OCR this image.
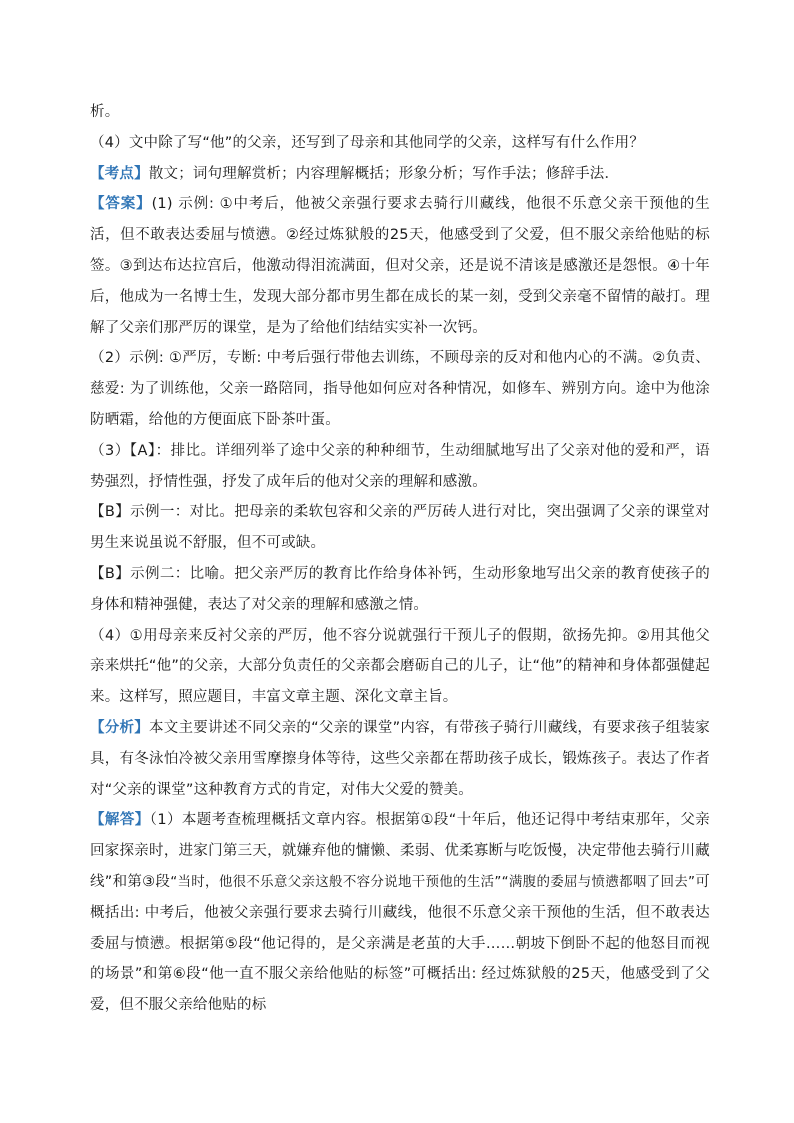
析。

（4）文中除了写“他”的父亲，还写到了母亲和其他同学的父亲，这样写有什么作用？

【考点】散文；词句理解赏析；内容理解概括；形象分析；写作手法；修辞手法．

【答案】(1) 示例: ①中考后，他被父亲强行要求去骑行川藏线，他很不乐意父亲干预他的生活，但不敢表达委屈与愤懑。②经过炼狱般的25天，他感受到了父爱，但不服父亲给他贴的标签。③到达布达拉宫后，他激动得泪流满面，但对父亲，还是说不清该是感激还是怨恨。④十年后，他成为一名博士生，发现大部分都市男生都在成长的某一刻，受到父亲毫不留情的敲打。理解了父亲们那严厉的课堂，是为了给他们结结实实补一次钙。

（2）示例: ①严厉，专断: 中考后强行带他去训练，不顾母亲的反对和他内心的不满。②负责、慈爱: 为了训练他，父亲一路陪同，指导他如何应对各种情况，如修车、辨别方向。途中为他涂防晒霜，给他的方便面底下卧茶叶蛋。

（3）【A】：排比。详细列举了途中父亲的种种细节，生动细腻地写出了父亲对他的爱和严，语势强烈，抒情性强，抒发了成年后的他对父亲的理解和感激。

【B】示例一：对比。把母亲的柔软包容和父亲的严厉砖人进行对比，突出强调了父亲的课堂对男生来说虽说不舒服，但不可或缺。

【B】示例二：比喻。把父亲严厉的教育比作给身体补钙，生动形象地写出父亲的教育使孩子的身体和精神强健，表达了对父亲的理解和感激之情。

（4）①用母亲来反衬父亲的严厉，他不容分说就强行干预儿子的假期，欲扬先抑。②用其他父亲来烘托“他”的父亲，大部分负责任的父亲都会磨砺自己的儿子，让“他”的精神和身体都强健起来。这样写，照应题目，丰富文章主题、深化文章主旨。

【分析】本文主要讲述不同父亲的“父亲的课堂”内容，有带孩子骑行川藏线，有要求孩子组装家具，有冬泳怕冷被父亲用雪摩擦身体等待，这些父亲都在帮助孩子成长，锻炼孩子。表达了作者对“父亲的课堂”这种教育方式的肯定，对伟大父爱的赞美。

【解答】（1）本题考查梳理概括文章内容。根据第①段“十年后，他还记得中考结束那年，父亲回家探亲时，进家门第三天，就嫌弃他的慵懒、柔弱、优柔寡断与吃饭慢，决定带他去骑行川藏线”和第③段“当时，他很不乐意父亲这般不容分说地干预他的生活”“满腹的委屈与愤懑都咽了回去”可概括出: 中考后，他被父亲强行要求去骑行川藏线，他很不乐意父亲干预他的生活，但不敢表达委屈与愤懑。根据第⑤段“他记得的，是父亲满是老茧的大手……朝坡下倒卧不起的他怒目而视的场景”和第⑥段“他一直不服父亲给他贴的标签”可概括出: 经过炼狱般的25天，他感受到了父爱，但不服父亲给他贴的标
